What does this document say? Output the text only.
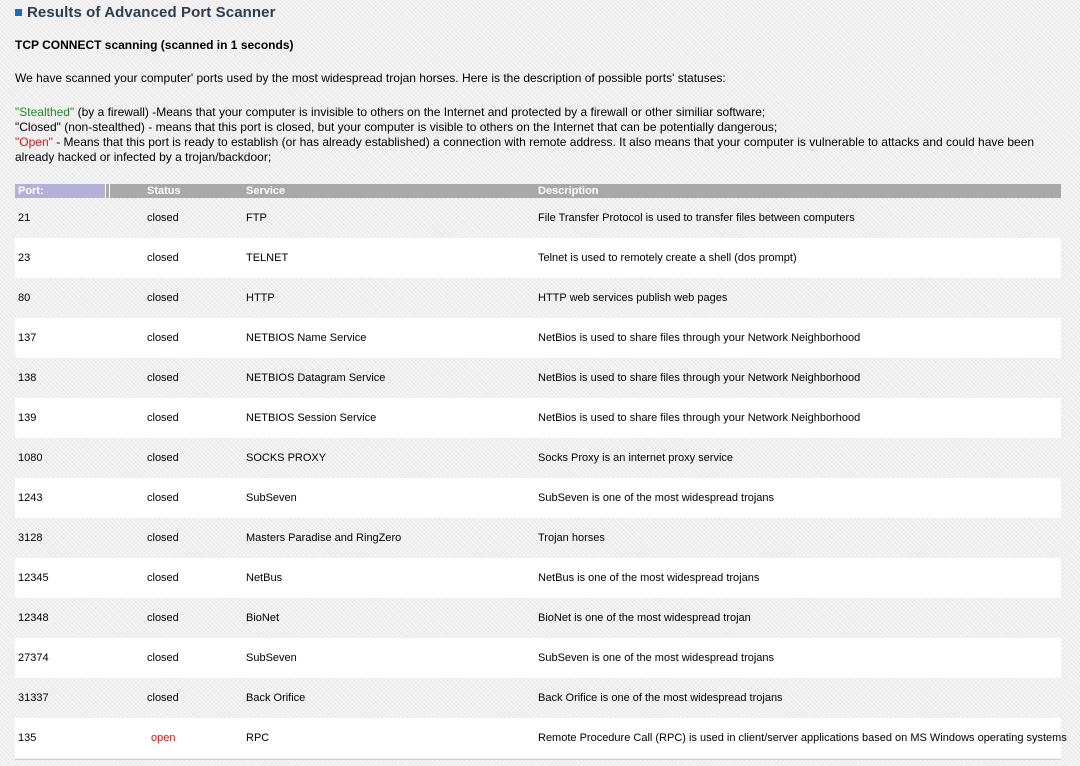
Results of Advanced Port Scanner
TCP CONNECT scanning (scanned in 1 seconds)
We have scanned your computer' ports used by the most widespread trojan horses. Here is the description of possible ports' statuses:

"Stealthed" (by a firewall) -Means that your computer is invisible to others on the Internet and protected by a firewall or other similiar software;

"Closed" (non-stealthed) - means that this port is closed, but your computer is visible to others on the Internet that can be potentially dangerous;

"Open" - Means that this port is ready to establish (or has already established) a connection with remote address. It also means that your computer is vulnerable to attacks and could have been already hacked or infected by a trojan/backdoor;

Port:	Status	Service	Description
21	closed	FTP	File Transfer Protocol is used to transfer files between computers
23	closed	TELNET	Telnet is used to remotely create a shell (dos prompt)
80	closed	HTTP	HTTP web services publish web pages
137	closed	NETBIOS Name Service	NetBios is used to share files through your Network Neighborhood
138	closed	NETBIOS Datagram Service	NetBios is used to share files through your Network Neighborhood
139	closed	NETBIOS Session Service	NetBios is used to share files through your Network Neighborhood
1080	closed	SOCKS PROXY	Socks Proxy is an internet proxy service
1243	closed	SubSeven	SubSeven is one of the most widespread trojans
3128	closed	Masters Paradise and RingZero	Trojan horses
12345	closed	NetBus	NetBus is one of the most widespread trojans
12348	closed	BioNet	BioNet is one of the most widespread trojan
27374	closed	SubSeven	SubSeven is one of the most widespread trojans
31337	closed	Back Orifice	Back Orifice is one of the most widespread trojans
135	open	RPC	Remote Procedure Call (RPC) is used in client/server applications based on MS Windows operating systems
